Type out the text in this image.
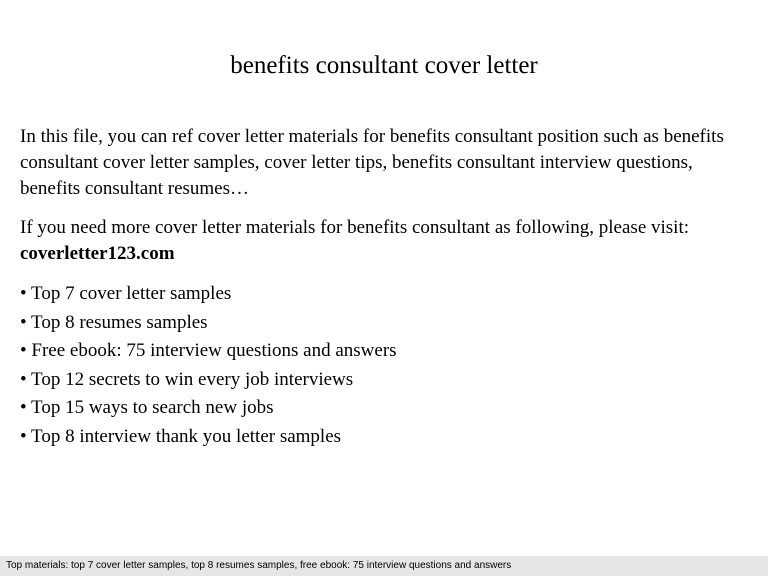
benefits consultant cover letter

In this file, you can ref cover letter materials for benefits consultant position such as benefits consultant cover letter samples, cover letter tips, benefits consultant interview questions, benefits consultant resumes…

If you need more cover letter materials for benefits consultant as following, please visit: coverletter123.com

• Top 7 cover letter samples
• Top 8 resumes samples
• Free ebook: 75 interview questions and answers
• Top 12 secrets to win every job interviews
• Top 15 ways to search new jobs
• Top 8 interview thank you letter samples
Top materials: top 7 cover letter samples, top 8 resumes samples, free ebook: 75 interview questions and answers
